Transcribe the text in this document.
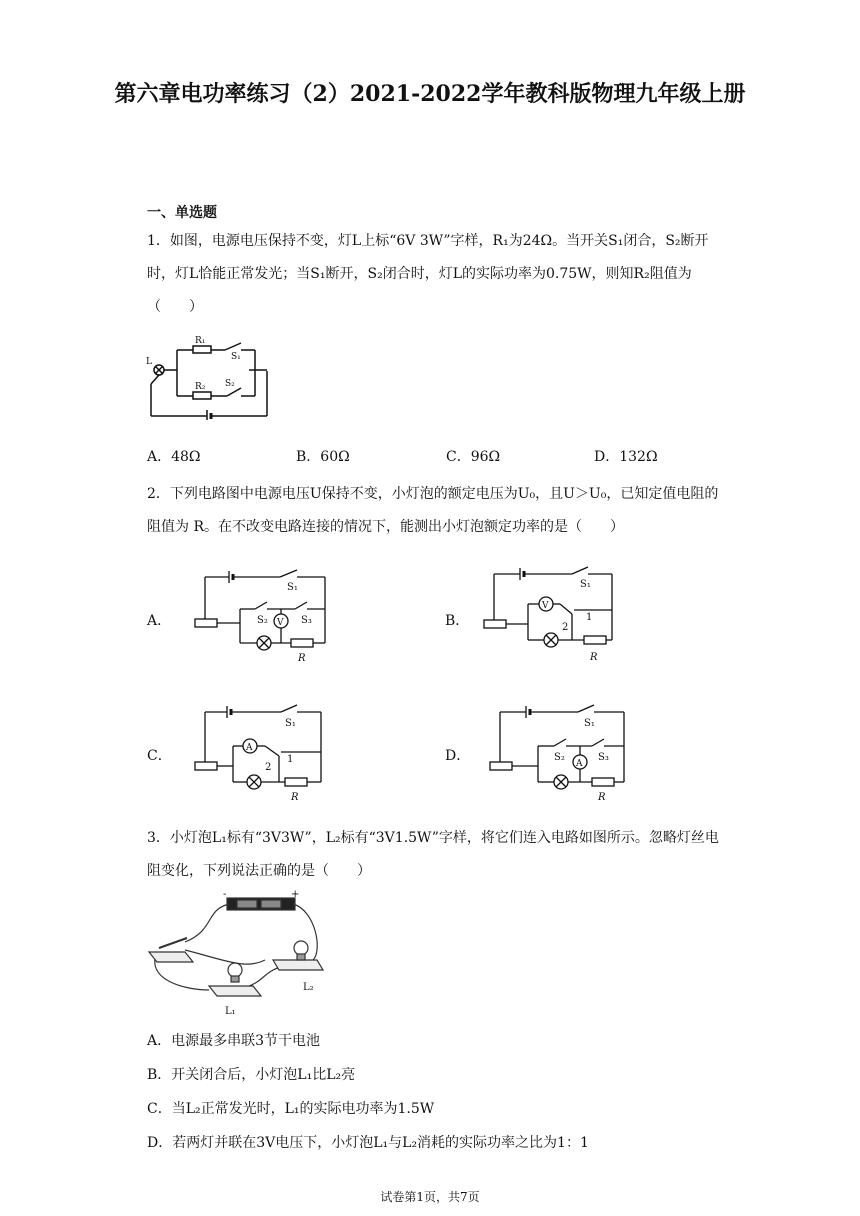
第六章电功率练习（2）2021-2022学年教科版物理九年级上册
一、单选题
1．如图，电源电压保持不变，灯L上标“6V 3W”字样，R₁为24Ω。当开关S₁闭合，S₂断开时，灯L恰能正常发光；当S₁断开，S₂闭合时，灯L的实际功率为0.75W，则知R₂阻值为（　　）
L
R₁
R₂
S₁
S₂
A．48Ω	B．60Ω	C．96Ω	D．132Ω
2．下列电路图中电源电压U保持不变，小灯泡的额定电压为U₀，且U＞U₀，已知定值电阻的阻值为 R。在不改变电路连接的情况下，能测出小灯泡额定功率的是（　　）
A．
S₁
S₂	S₃
V
R
B．
S₁
V
1
2
R
C．
S₁
A
1
2
R
D．
S₁
S₂	S₃
A
R
3．小灯泡L₁标有“3V3W”，L₂标有“3V1.5W”字样，将它们连入电路如图所示。忽略灯丝电阻变化，下列说法正确的是（　　）
-	+
L₁
L₂
A．电源最多串联3节干电池
B．开关闭合后，小灯泡L₁比L₂亮
C．当L₂正常发光时，L₁的实际电功率为1.5W
D．若两灯并联在3V电压下，小灯泡L₁与L₂消耗的实际功率之比为1：1
试卷第1页，共7页
